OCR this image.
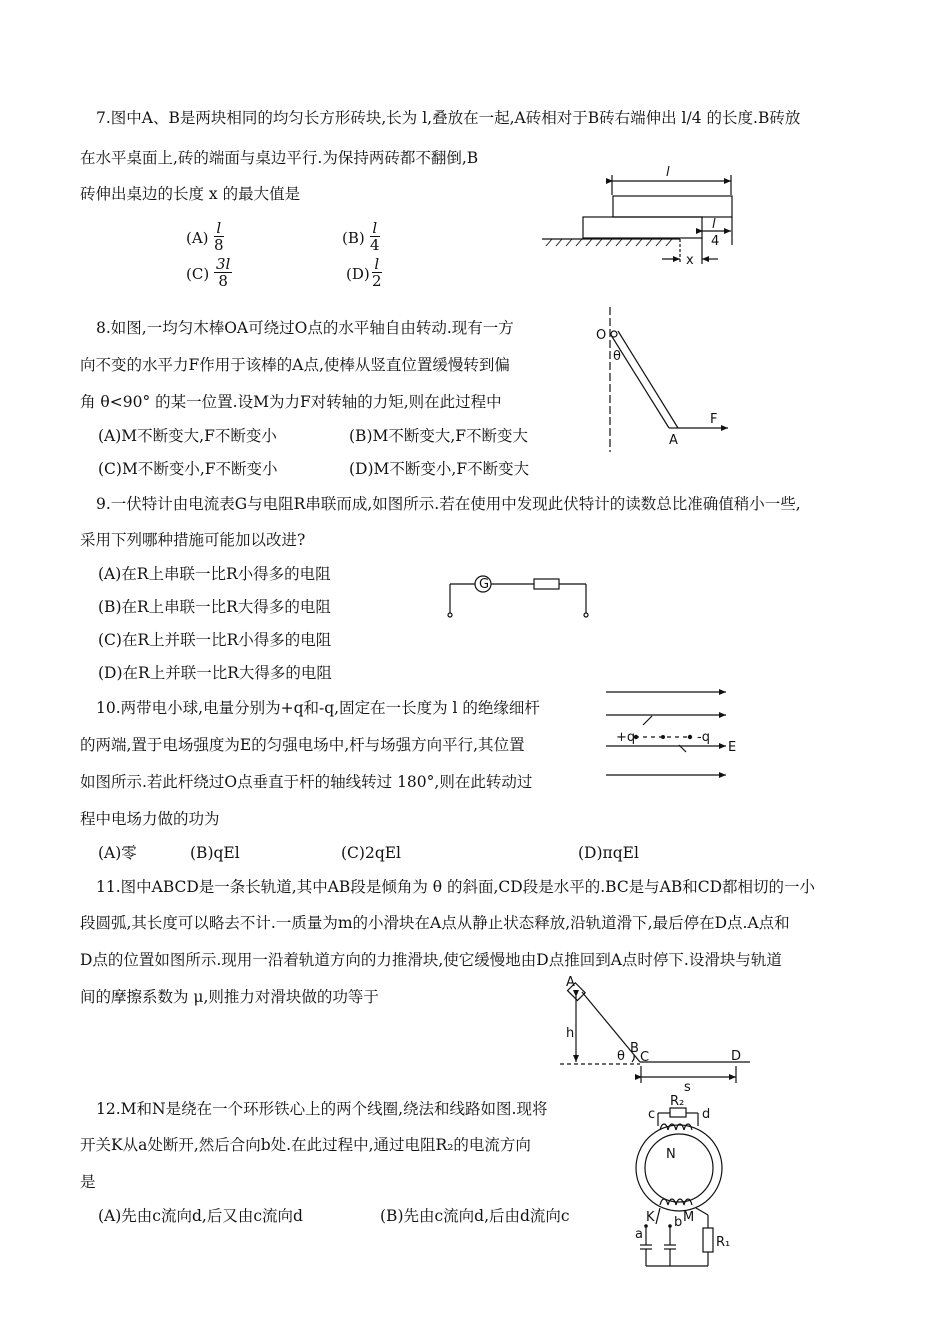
7.图中A、B是两块相同的均匀长方形砖块,长为 l,叠放在一起,A砖相对于B砖右端伸出 l/4 的长度.B砖放
在水平桌面上,砖的端面与桌边平行.为保持两砖都不翻倒,B
砖伸出桌边的长度 x 的最大值是
$(A) \frac{l}{8}$	$(B) \frac{l}{4}$
$(C) \frac{3l}{8}$	$(D) \frac{l}{2}$
8.如图,一均匀木棒OA可绕过O点的水平轴自由转动.现有一方
向不变的水平力F作用于该棒的A点,使棒从竖直位置缓慢转到偏
角 θ<90° 的某一位置.设M为力F对转轴的力矩,则在此过程中
(A)M不断变大,F不断变小	(B)M不断变大,F不断变大
(C)M不断变小,F不断变小	(D)M不断变小,F不断变大
9.一伏特计由电流表G与电阻R串联而成,如图所示.若在使用中发现此伏特计的读数总比准确值稍小一些,
采用下列哪种措施可能加以改进?
(A)在R上串联一比R小得多的电阻
(B)在R上串联一比R大得多的电阻
(C)在R上并联一比R小得多的电阻
(D)在R上并联一比R大得多的电阻
10.两带电小球,电量分别为+q和-q,固定在一长度为 l 的绝缘细杆
的两端,置于电场强度为E的匀强电场中,杆与场强方向平行,其位置
如图所示.若此杆绕过O点垂直于杆的轴线转过 180°,则在此转动过
程中电场力做的功为
(A)零	(B)qEl	(C)2qEl	(D)πqEl
11.图中ABCD是一条长轨道,其中AB段是倾角为 θ 的斜面,CD段是水平的.BC是与AB和CD都相切的一小
段圆弧,其长度可以略去不计.一质量为m的小滑块在A点从静止状态释放,沿轨道滑下,最后停在D点.A点和
D点的位置如图所示.现用一沿着轨道方向的力推滑块,使它缓慢地由D点推回到A点时停下.设滑块与轨道
间的摩擦系数为 μ,则推力对滑块做的功等于
12.M和N是绕在一个环形铁心上的两个线圈,绕法和线路如图.现将
开关K从a处断开,然后合向b处.在此过程中,通过电阻R₂的电流方向
是
(A)先由c流向d,后又由c流向d	(B)先由c流向d,后由d流向c
l
l
4
x
O
θ
A
F
G
+q	-q
E
A
h
θ
B
C	D
s
c
R₂
d
N
M
K
a
b
R₁
